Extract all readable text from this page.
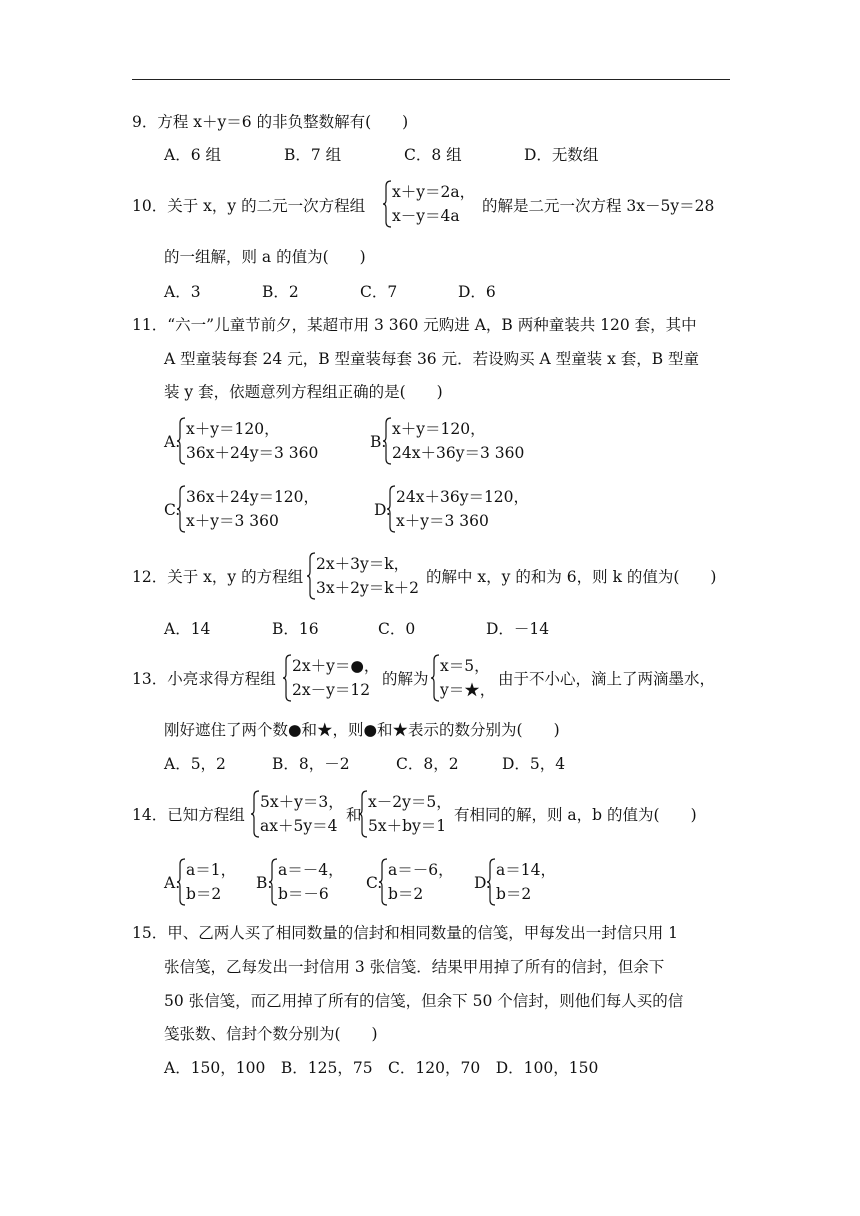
9．方程 x＋y＝6 的非负整数解有(　　)
A．6 组	B．7 组	C．8 组	D．无数组
10．关于 x，y 的二元一次方程组
x＋y＝2a，
x－y＝4a
的解是二元一次方程 3x－5y＝28
的一组解，则 a 的值为(　　)
A．3	B．2	C．7	D．6
11．“六一”儿童节前夕，某超市用 3 360 元购进 A，B 两种童装共 120 套，其中
A 型童装每套 24 元，B 型童装每套 36 元．若设购买 A 型童装 x 套，B 型童
装 y 套，依题意列方程组正确的是(　　)
A.
x＋y＝120，
36x＋24y＝3 360
B.
x＋y＝120，
24x＋36y＝3 360
C.
36x＋24y＝120，
x＋y＝3 360
D.
24x＋36y＝120，
x＋y＝3 360
12．关于 x，y 的方程组
2x＋3y＝k，
3x＋2y＝k＋2
的解中 x，y 的和为 6，则 k 的值为(　　)
A．14	B．16	C．0	D．－14
13．小亮求得方程组
2x＋y＝●，
2x－y＝12
的解为
x＝5，
y＝★，
由于不小心，滴上了两滴墨水，
刚好遮住了两个数●和★，则●和★表示的数分别为(　　)
A．5，2	B．8，－2	C．8，2	D．5，4
14．已知方程组
5x＋y＝3，
ax＋5y＝4
和
x－2y＝5，
5x＋by＝1
有相同的解，则 a，b 的值为(　　)
A.
a＝1，
b＝2
B.
a＝－4，
b＝－6
C.
a＝－6，
b＝2
D.
a＝14，
b＝2
15．甲、乙两人买了相同数量的信封和相同数量的信笺，甲每发出一封信只用 1
张信笺，乙每发出一封信用 3 张信笺．结果甲用掉了所有的信封，但余下
50 张信笺，而乙用掉了所有的信笺，但余下 50 个信封，则他们每人买的信
笺张数、信封个数分别为(　　)
A．150，100　B．125，75　C．120，70　D．100，150
